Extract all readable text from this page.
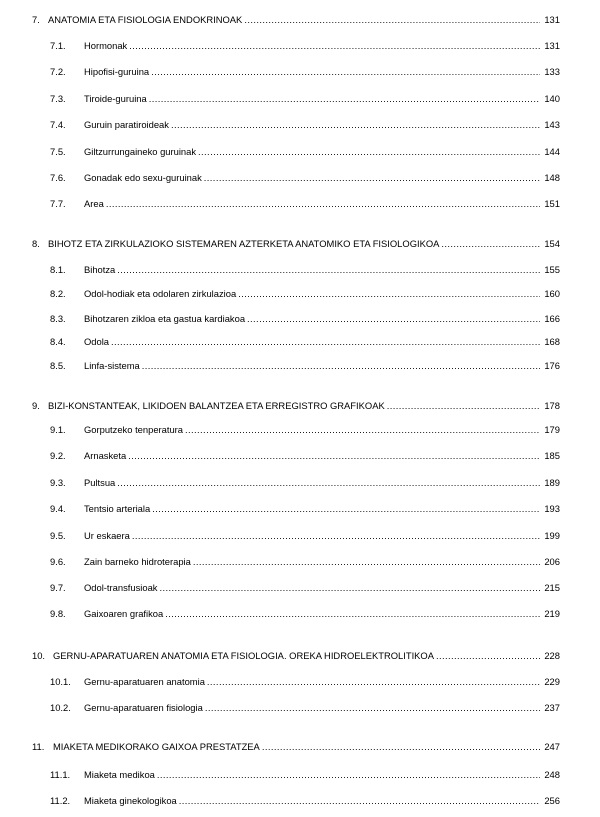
7. ANATOMIA ETA FISIOLOGIA ENDOKRINOAK .....	131
7.1.	Hormonak .....	131
7.2.	Hipofisi-guruina .....	133
7.3.	Tiroide-guruina .....	140
7.4.	Guruin paratiroideak .....	143
7.5.	Giltzurrungaineko guruinak .....	144
7.6.	Gonadak edo sexu-guruinak .....	148
7.7.	Area .....	151
8. BIHOTZ ETA ZIRKULAZIOKO SISTEMAREN AZTERKETA ANATOMIKO ETA FISIOLOGIKOA .....	154
8.1.	Bihotza .....	155
8.2.	Odol-hodiak eta odolaren zirkulazioa .....	160
8.3.	Bihotzaren zikloa eta gastua kardiakoa .....	166
8.4.	Odola .....	168
8.5.	Linfa-sistema .....	176
9. BIZI-KONSTANTEAK, LIKIDOEN BALANTZEA ETA ERREGISTRO GRAFIKOAK .....	178
9.1.	Gorputzeko tenperatura .....	179
9.2.	Arnasketa .....	185
9.3.	Pultsua .....	189
9.4.	Tentsio arteriala .....	193
9.5.	Ur eskaera .....	199
9.6.	Zain barneko hidroterapia .....	206
9.7.	Odol-transfusioak .....	215
9.8.	Gaixoaren grafikoa .....	219
10. GERNU-APARATUAREN ANATOMIA ETA FISIOLOGIA. OREKA HIDROELEKTROLITIKOA .....	228
10.1.	Gernu-aparatuaren anatomia .....	229
10.2.	Gernu-aparatuaren fisiologia .....	237
11. MIAKETA MEDIKORAKO GAIXOA PRESTATZEA .....	247
11.1.	Miaketa medikoa .....	248
11.2.	Miaketa ginekologikoa .....	256
